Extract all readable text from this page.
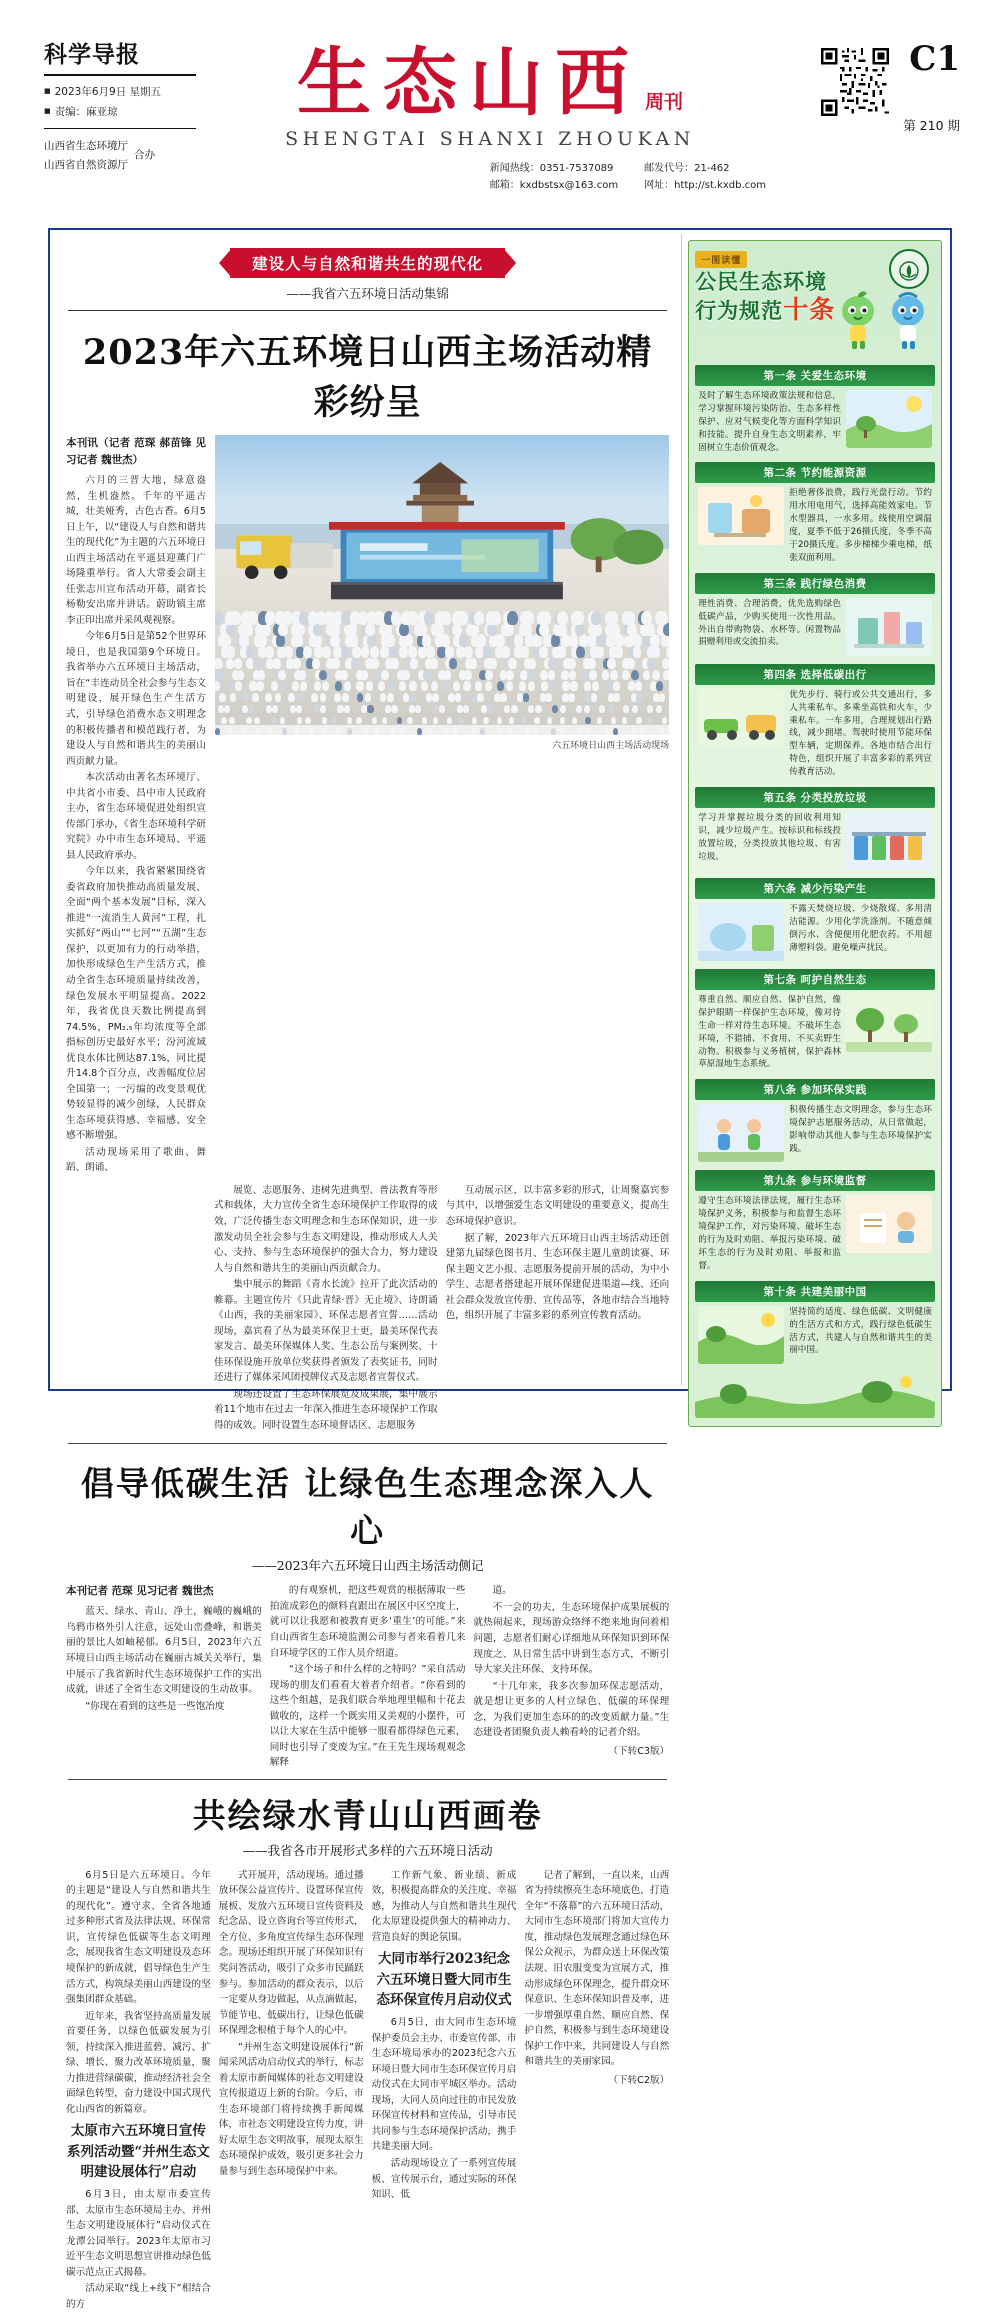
科学导报
■ 2023年6月9日 星期五
■ 责编：麻亚琼
山西省生态环境厅
山西省自然资源厅
合办
生态山西 周刊
SHENGTAI SHANXI ZHOUKAN
新闻热线：0351-7537089
邮箱：kxdbstsx@163.com
邮发代号：21-462
网址：http://st.kxdb.com
C1
第 210 期
建设人与自然和谐共生的现代化
——我省六五环境日活动集锦
2023年六五环境日山西主场活动精彩纷呈
本刊讯（记者 范琛 郝苗锋 见习记者 魏世杰）

六月的三晋大地，绿意盎然，生机盎然。千年的平遥古城，壮美娅秀，古色古香。6月5日上午，以“建设人与自然和谐共生的现代化”为主题的六五环境日山西主场活动在平遥县迎薰门广场隆重举行。省人大常委会副主任张志川宣布活动开幕，副省长杨勒安出席并讲话。蔚助镇主席李正印出席并采风观视察。

今年6月5日是第52个世界环境日，也是我国第9个环境日。我省举办六五环境日主场活动，旨在“丰连动员全社会参与生态文明建设，展开绿色生产生活方式，引导绿色消费水态文明理念的积极传播者和模范践行者，为建设人与自然和谐共生的美丽山西贡献力量。

本次活动由著名杰环境厅、中共省小市委、昌中市人民政府主办，省生态环境促进处组织宣传部门承办，《省生态环境科学研究院》办中市生态环境局、平遥县人民政府承办。

今年以来，我省紧紧围绕省委省政府加快推动高质量发展、全面“两个基本发展”目标，深入推进“一流消生人黄河”工程，扎实抓好“两山”“七河”“五湖”生态保护，以更加有力的行动举措，加快形成绿色生产生活方式，推动全省生态环境质量持续改善，绿色发展水平明显提高。2022年，我省优良天数比例提高到74.5%，PM₂.₅年均浓度等全部指标创历史最好水平；汾河流域优良水体比例达87.1%，同比提升14.8个百分点，改善幅度位居全国第一；一污编的改变景观优势较显得的减少创绿，人民群众生态环境获得感、幸福感、安全感不断增强。

活动现场采用了歌曲、舞蹈、朗诵、

六五环境日山西主场活动现场

展览、志愿服务、违树先进典型、普法教育等形式和载体，大力宣传全省生态环境保护工作取得的成效，广泛传播生态文明理念和生态环保知识，进一步激发动员全社会参与生态文明建设，推动形成人人关心、支持、参与生态环境保护的强大合力，努力建设人与自然和谐共生的美丽山西贡献合力。

集中展示的舞蹈《青水长流》拉开了此次活动的帷幕。主题宣传片《只此青绿·晋》无止境》、诗朗诵《山西，我的美丽家园》、环保志愿者宣誓……活动现场，嘉宾看了丛为最美环保卫士更，最美环保代表家发言、最美环保媒体人奖、生态公岳与案例奖、十佳环保设施开放单位奖获得者颁发了表奖证书，同时还进行了媒体采风团授牌仪式及志愿者宣誓仪式。

现场还设置了生态环保展览及成果展，集中展示着11个地市在过去一年深入推进生态环境保护工作取得的成效。同时设置生态环境督话区、志愿服务

互动展示区，以丰富多彩的形式，让周聚嘉宾参与其中，以增强爱生态文明建设的重要意义，提高生态环境保护意识。

据了解，2023年六五环境日山西主场活动还创建第九届绿色图书月、生态环保主题儿童朗读赛、环保主题文艺小报、志愿服务提前开展的活动，为中小学生、志愿者搭建起开展环保建促进渠道—线、还向社会群众发放宣传册、宣传品等，各地市结合当地特色，组织开展了丰富多彩的系列宣传教育活动。

倡导低碳生活 让绿色生态理念深入人心
——2023年六五环境日山西主场活动侧记
本刊记者 范琛 见习记者 魏世杰

蓝天、绿水、青山、净土，巍峨的巍峨的乌鸦市格外引人注意，远处山峦叠峰，和谐美丽的景比人如岫秘郁。6月5日，2023年六五环境日山西主场活动在巍丽古城关关举行，集中展示了我省新时代生态环境保护工作的实出成就，讲述了全省生态文明建设的生动故事。

“你现在看到的这些是一些饱冶度

的有观察机，把这些观赏的根据薄取一些拍流成彩色的颜料直跟出在展区中区空度上，就可以让我愿和被教育更多‘重生’的可能。”来自山西省生态环境监测公司参与者来看着几来自环境学区的工作人员介绍道。

“这个场子和什么样的之特吗？”采自活动现场的朋友们看看大着者介绍者。“你看到的这些个组越，是我们联合举地理里幅和十花去做收的，这样一个既实用又美观的小摆件，可以让大家在生活中能够一服看都得绿色元素，同时也引导了变废为宝。”在王先生现场观观念解释

道。

不一会的功夫，生态环境保护成果展板的就热闹起来，现场游众络绎不绝来地询问着相问题，志愿者们耐心详细地从环保知识到环保现度之、从日常生活中讲到生态方式，不断引导大家关注环保、支持环保。

“十几年来，我多次参加环保志愿活动，就是想让更多的人村立绿色、低碳的环保理念，为我们更加生态环的的改变质献力量。”生态建设者团聚负责人赖看岭的记者介绍。

（下转C3版）
共绘绿水青山山西画卷
——我省各市开展形式多样的六五环境日活动

6月5日是六五环境日。今年的主题是“建设人与自然和谐共生的现代化”。遵守求、全省各地通过多种形式省及法律法规、环保常识，宣传绿色低碳等生态文明理念，展现我省生态文明建设及态环境保护的新成就，倡导绿色生产生活方式，构筑绿美丽山西建设的坚强集团群众基础。

近年来，我省坚持高质量发展首要任务，以绿色低碳发展为引领，持续深入推进蓝碧、减污、扩绿、增长、聚力改革环境质量，聚力推进营绿碳碳，推动经济社会全面绿色转型，奋力建设中国式现代化山西省的新篇章。

太原市六五环境日宣传系列活动暨“并州生态文明建设展体行”启动

6月3日，由太原市委宣传部、太原市生态环境局主办、并州生态文明建设展体行”启动仪式在龙潭公园举行。2023年太原市习近平生态文明思想宣讲推动绿色低碳示范点正式揭幕。

活动采取“线上+线下”相结合的方

式开展开，活动现场。通过播放环保公益宣传片、设置环保宣传展板、发放六五环境日宣传资料及纪念品、设立咨询台等宣传形式，全方位、多角度宣传绿生态环保理念。现场还组织开展了环保知识有奖问答活动，吸引了众多市民踊跃参与。参加活动的群众表示，以后一定要从身边做起，从点滴做起，节能节电、低碳出行，让绿色低碳环保理念根植于每个人的心中。

“并州生态文明建设展体行”新闻采风活动启动仪式的举行，标志着太原市新闻媒体的社态文明建设宣传报道迈上新的台阶。今后，市生态环境部门将持续携手新闻媒体，市社态文明建设宣传力度，讲好太原生态文明故事，展现太原生态环境保护成效，吸引更多社会力量参与到生态环境保护中来。

工作新气象、新业绩、新成效，积极提高群众的关注度、幸福感，为推动人与自然和谐共生现代化太原建设提供强大的精神动力、营造良好的舆论氛围。

大同市举行2023纪念六五环境日暨大同市生态环保宣传月启动仪式

6月5日，由大同市生态环境保护委员会主办、市委宣传部、市生态环境局承办的2023纪念六五环境日暨大同市生态环保宣传月启动仪式在大同市平城区举办。活动现场，大同人员向过往的市民发放环保宣传材料和宣传品，引导市民共同参与生态环境保护活动，携手共建美丽大同。

活动现场设立了一系列宣传展板、宣传展示台，通过实际的环保知识、低

记者了解到，一直以来，山西省为持续擦亮生态环境底色，打造全年“不落幕”的六五环境日活动，大同市生态环境部门将加大宣传力度，推动绿色发展理念通过绿色环保公众视示，为群众送上环保改策法规、旧农服变变为宣展方式，推动形成绿色环保理念，提升群众环保意识、生态环保知识普及率，进一步增强厚重自然、顺应自然、保护自然，积极参与到生态环境建设保护工作中来，共同建设人与自然和谐共生的美丽家园。

（下转C2版）
一图读懂
公民生态环境
行为规范十条
第一条 关爱生态环境
及时了解生态环境政策法规和信息，学习掌握环境污染防治、生态多样性保护、应对气候变化等方面科学知识和技能。提升自身生态文明素养，牢固树立生态价值观念。
第二条 节约能源资源
拒绝奢侈浪费，践行光盘行动。节约用水用电用气，选择高能效家电。节水型器具，一水多用。线使用空调温度，夏季不低于26摄氏度，冬季不高于20摄氏度。多步梯梯少乘电梯，纸张双面利用。
第三条 践行绿色消费
理性消费、合理消费，优先选购绿色低碳产品，少购买使用一次性用品。外出自带购物袋、水杯等。闲置物品捐赠利用或交流拍卖。
第四条 选择低碳出行
优先步行、骑行或公共交通出行，多人共乘私车。多乘坐高铁和火车，少乘私车。一车多用，合理规划出行路线，减少拥堵。驾驶时使用节能环保型车辆，定期保养。各地市结合出行特色，组织开展了丰富多彩的系列宣传教育活动。
第五条 分类投放垃圾
学习并掌握垃圾分类的回收利用知识，减少垃圾产生。按标识和标线投放置垃圾，分类投放其他垃圾、有害垃圾。
第六条 减少污染产生
不露天焚烧垃圾、少烧散煤、多用清洁能源。少用化学洗涤剂。不随意倾倒污水、含便便用化肥农药。不用超薄塑料袋。避免噪声扰民。
第七条 呵护自然生态
尊重自然、顺应自然、保护自然，像保护眼睛一样保护生态环境，像对待生命一样对待生态环境。不破坏生态环境，不猎捕、不食用、不买卖野生动物。积极参与义务植树，保护森林草原湿地生态系统。
第八条 参加环保实践
积极传播生态文明理念，参与生态环境保护志愿服务活动，从日常做起，影响带动其他人参与生态环境保护实践。
第九条 参与环境监督
遵守生态环境法律法规，履行生态环境保护义务，积极参与和监督生态环境保护工作，对污染环境、破坏生态的行为及时劝阻、举报污染环境、破坏生态的行为及时劝阻、举报和监督。
第十条 共建美丽中国
坚持简约适度、绿色低碳、文明健康的生活方式和方式，践行绿色低碳生活方式，共建人与自然和谐共生的美丽中国。
